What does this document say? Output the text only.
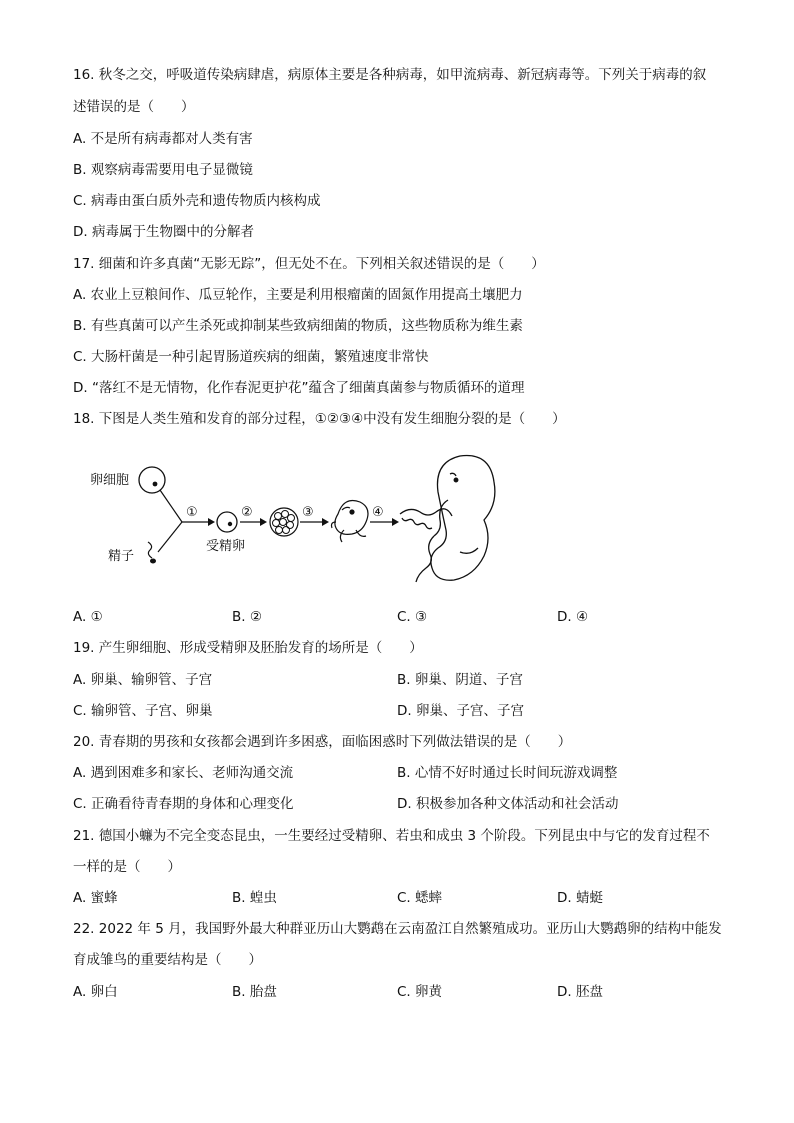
16. 秋冬之交，呼吸道传染病肆虐，病原体主要是各种病毒，如甲流病毒、新冠病毒等。下列关于病毒的叙
述错误的是（　　）
A. 不是所有病毒都对人类有害
B. 观察病毒需要用电子显微镜
C. 病毒由蛋白质外壳和遗传物质内核构成
D. 病毒属于生物圈中的分解者
17. 细菌和许多真菌“无影无踪”，但无处不在。下列相关叙述错误的是（　　）
A. 农业上豆粮间作、瓜豆轮作，主要是利用根瘤菌的固氮作用提高土壤肥力
B. 有些真菌可以产生杀死或抑制某些致病细菌的物质，这些物质称为维生素
C. 大肠杆菌是一种引起胃肠道疾病的细菌，繁殖速度非常快
D. “落红不是无情物，化作春泥更护花”蕴含了细菌真菌参与物质循环的道理
18. 下图是人类生殖和发育的部分过程，①②③④中没有发生细胞分裂的是（　　）
卵细胞
精子
①
受精卵
②	③	④
A. ①	B. ②	C. ③	D. ④
19. 产生卵细胞、形成受精卵及胚胎发育的场所是（　　）
A. 卵巢、输卵管、子宫	B. 卵巢、阴道、子宫
C. 输卵管、子宫、卵巢	D. 卵巢、子宫、子宫
20. 青春期的男孩和女孩都会遇到许多困惑，面临困惑时下列做法错误的是（　　）
A. 遇到困难多和家长、老师沟通交流	B. 心情不好时通过长时间玩游戏调整
C. 正确看待青春期的身体和心理变化	D. 积极参加各种文体活动和社会活动
21. 德国小蠊为不完全变态昆虫，一生要经过受精卵、若虫和成虫 3 个阶段。下列昆虫中与它的发育过程不
一样的是（　　）
A. 蜜蜂	B. 蝗虫	C. 蟋蟀	D. 蜻蜓
22. 2022 年 5 月，我国野外最大种群亚历山大鹦鹉在云南盈江自然繁殖成功。亚历山大鹦鹉卵的结构中能发
育成雏鸟的重要结构是（　　）
A. 卵白	B. 胎盘	C. 卵黄	D. 胚盘
